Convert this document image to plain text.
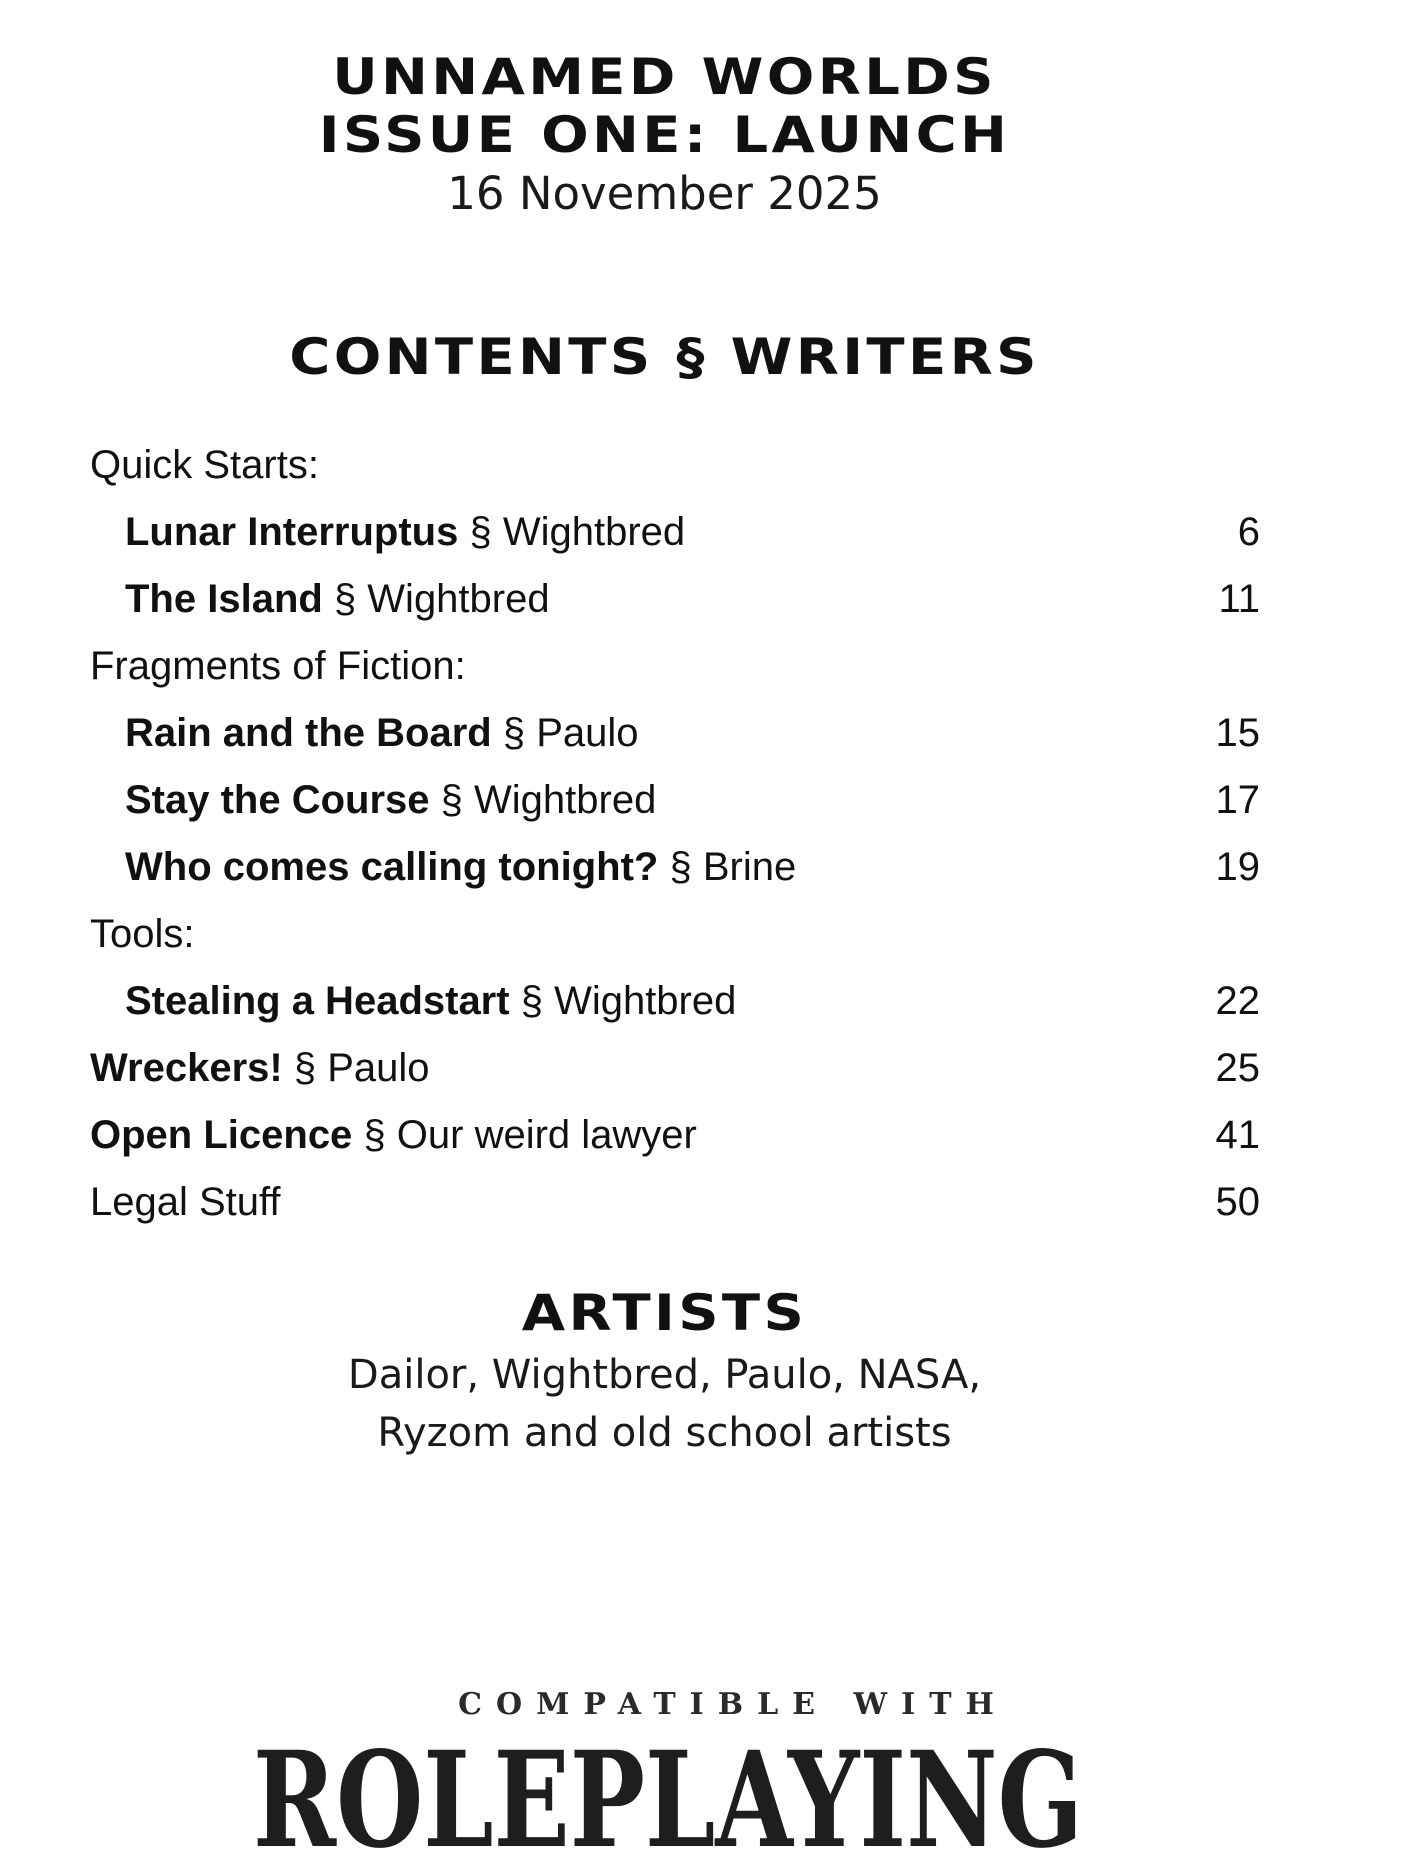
UNNAMED WORLDS
ISSUE ONE: LAUNCH
16 November 2025
CONTENTS § WRITERS
Quick Starts:
Lunar Interruptus § Wightbred	6
The Island § Wightbred	11
Fragments of Fiction:
Rain and the Board § Paulo	15
Stay the Course § Wightbred	17
Who comes calling tonight? § Brine	19
Tools:
Stealing a Headstart § Wightbred	22
Wreckers! § Paulo	25
Open Licence § Our weird lawyer	41
Legal Stuff	50
ARTISTS
Dailor, Wightbred, Paulo, NASA,
Ryzom and old school artists
COMPATIBLE WITH
ROLEPLAYING
